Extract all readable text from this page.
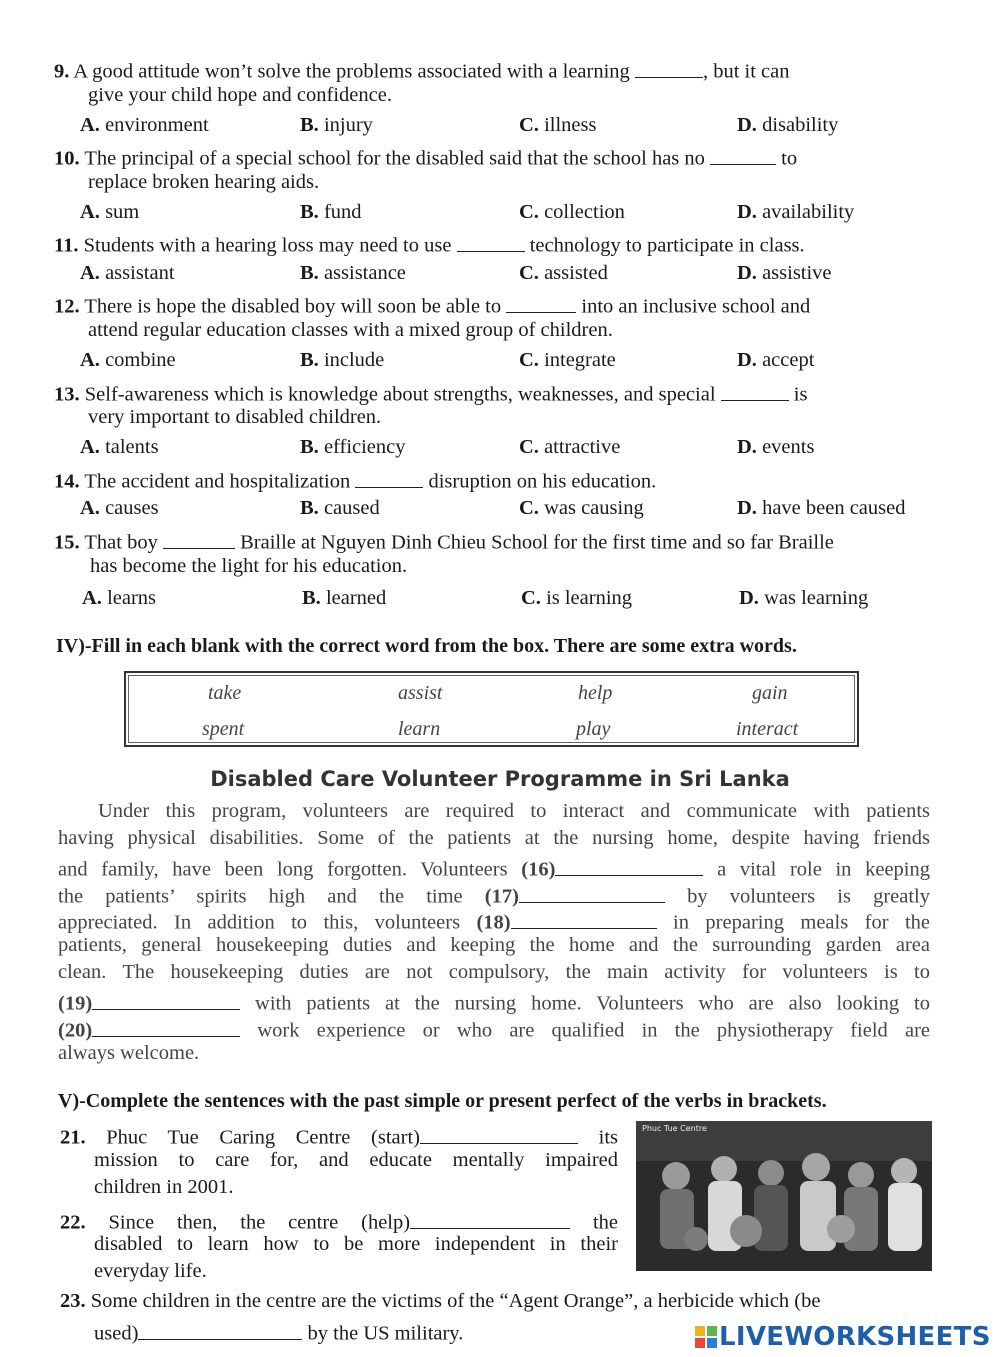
9. A good attitude won’t solve the problems associated with a learning	, but it can
give your child hope and confidence.
A. environment	B. injury	C. illness	D. disability
10. The principal of a special school for the disabled said that the school has no	to
replace broken hearing aids.
A. sum	B. fund	C. collection	D. availability
11. Students with a hearing loss may need to use	technology to participate in class.
A. assistant	B. assistance	C. assisted	D. assistive
12. There is hope the disabled boy will soon be able to	into an inclusive school and
attend regular education classes with a mixed group of children.
A. combine	B. include	C. integrate	D. accept
13. Self-awareness which is knowledge about strengths, weaknesses, and special	is
very important to disabled children.
A. talents	B. efficiency	C. attractive	D. events
14. The accident and hospitalization	disruption on his education.
A. causes	B. caused	C. was causing	D. have been caused
15. That boy	Braille at Nguyen Dinh Chieu School for the first time and so far Braille
has become the light for his education.
A. learns	B. learned	C. is learning	D. was learning
IV)-Fill in each blank with the correct word from the box. There are some extra words.
take	assist	help	gain
spent	learn	play	interact
Disabled Care Volunteer Programme in Sri Lanka
Under this program, volunteers are required to interact and communicate with patients
having physical disabilities. Some of the patients at the nursing home, despite having friends
and family, have been long forgotten. Volunteers (16)	a vital role in keeping
the patients’ spirits high and the time (17)	by volunteers is greatly
appreciated. In addition to this, volunteers (18)	in preparing meals for the
patients, general housekeeping duties and keeping the home and the surrounding garden area
clean. The housekeeping duties are not compulsory, the main activity for volunteers is to
(19)	with patients at the nursing home. Volunteers who are also looking to
(20)	work experience or who are qualified in the physiotherapy field are
always welcome.
V)-Complete the sentences with the past simple or present perfect of the verbs in brackets.
21. Phuc Tue Caring Centre (start)	its
mission to care for, and educate mentally impaired
children in 2001.
22. Since then, the centre (help)	the
disabled to learn how to be more independent in their
everyday life.
23. Some children in the centre are the victims of the “Agent Orange”, a herbicide which (be
used)	by the US military.
Phuc Tue Centre
LIVEWORKSHEETS
